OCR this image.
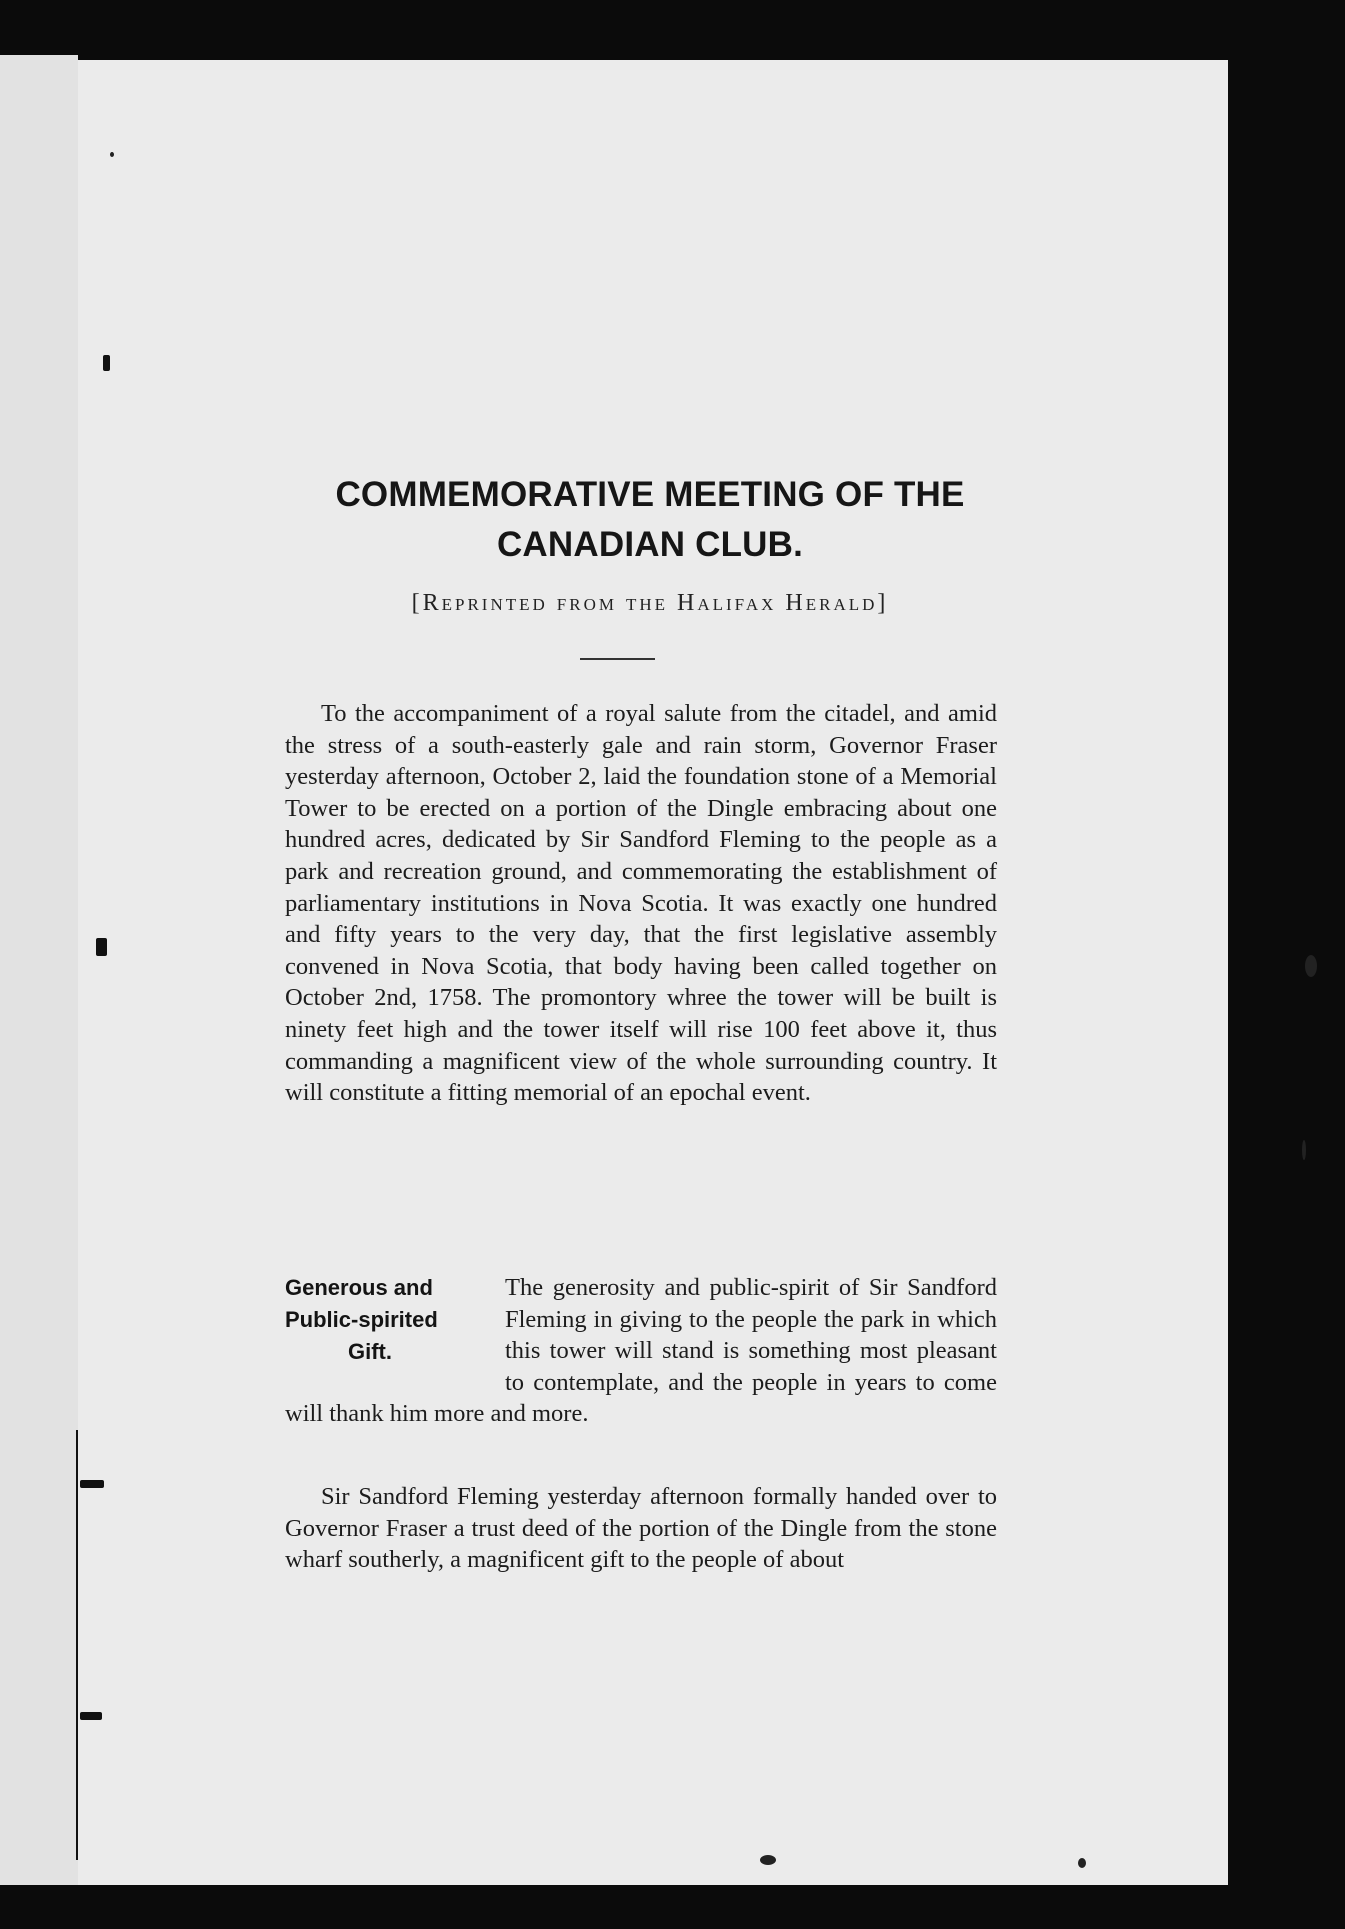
COMMEMORATIVE MEETING OF THE
CANADIAN CLUB.
[Reprinted from the Halifax Herald]
To the accompaniment of a royal salute from the citadel, and amid the stress of a south-easterly gale and rain storm, Governor Fraser yesterday afternoon, October 2, laid the foundation stone of a Memorial Tower to be erected on a portion of the Dingle embracing about one hundred acres, dedicated by Sir Sandford Fleming to the people as a park and recreation ground, and commemorating the establishment of parliamentary institutions in Nova Scotia. It was exactly one hundred and fifty years to the very day, that the first legislative assembly convened in Nova Scotia, that body having been called together on October 2nd, 1758. The promontory whree the tower will be built is ninety feet high and the tower itself will rise 100 feet above it, thus commanding a magnificent view of the whole surrounding country. It will constitute a fitting memorial of an epochal event.
Generous and
Public-spirited
Gift.
The generosity and public-spirit of Sir Sandford Fleming in giving to the people the park in which this tower will stand is something most pleasant to contemplate, and the people in years to come will thank him more and more.
Sir Sandford Fleming yesterday afternoon formally handed over to Governor Fraser a trust deed of the portion of the Dingle from the stone wharf southerly, a magnificent gift to the people of about
